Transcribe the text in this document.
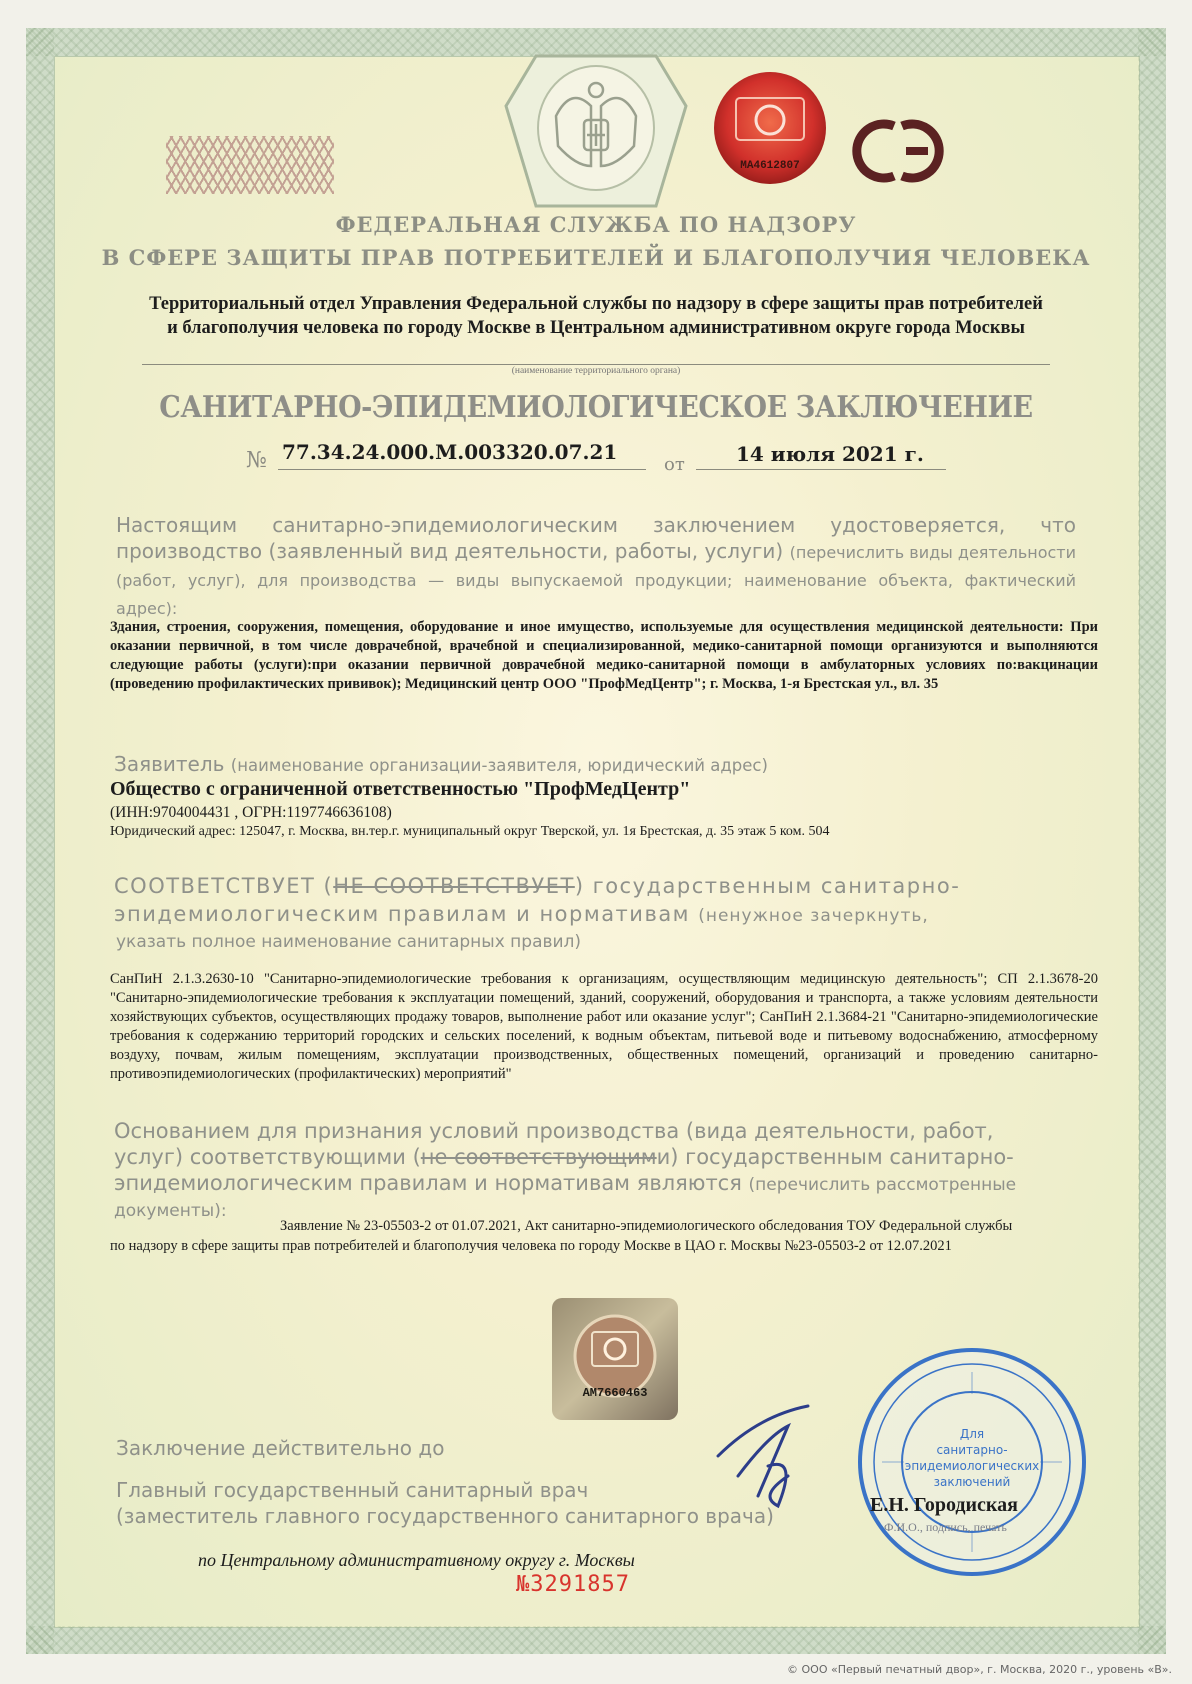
MA4612807
ФЕДЕРАЛЬНАЯ СЛУЖБА ПО НАДЗОРУ
В СФЕРЕ ЗАЩИТЫ ПРАВ ПОТРЕБИТЕЛЕЙ И БЛАГОПОЛУЧИЯ ЧЕЛОВЕКА
Территориальный отдел Управления Федеральной службы по надзору в сфере защиты прав потребителей
и благополучия человека по городу Москве в Центральном административном округе города Москвы
(наименование территориального органа)
САНИТАРНО-ЭПИДЕМИОЛОГИЧЕСКОЕ ЗАКЛЮЧЕНИЕ
№ 77.34.24.000.М.003320.07.21
от	14 июля 2021 г.
Настоящим санитарно-эпидемиологическим заключением удостоверяется, что производство (заявленный вид деятельности, работы, услуги) (перечислить виды деятельности (работ, услуг), для производства — виды выпускаемой продукции; наименование объекта, фактический адрес):
Здания, строения, сооружения, помещения, оборудование и иное имущество, используемые для осуществления медицинской деятельности: При оказании первичной, в том числе доврачебной, врачебной и специализированной, медико-санитарной помощи организуются и выполняются следующие работы (услуги):при оказании первичной доврачебной медико-санитарной помощи в амбулаторных условиях по:вакцинации (проведению профилактических прививок); Медицинский центр ООО "ПрофМедЦентр"; г. Москва, 1-я Брестская ул., вл. 35
Заявитель (наименование организации-заявителя, юридический адрес)
Общество с ограниченной ответственностью "ПрофМедЦентр"
(ИНН:9704004431 , ОГРН:1197746636108)
Юридический адрес: 125047, г. Москва, вн.тер.г. муниципальный округ Тверской, ул. 1я Брестская, д. 35 этаж 5 ком. 504
СООТВЕТСТВУЕТ (НЕ СООТВЕТСТВУЕТ) государственным санитарно-
эпидемиологическим правилам и нормативам (ненужное зачеркнуть,
указать полное наименование санитарных правил)
СанПиН 2.1.3.2630-10 "Санитарно-эпидемиологические требования к организациям, осуществляющим медицинскую деятельность"; СП 2.1.3678-20 "Санитарно-эпидемиологические требования к эксплуатации помещений, зданий, сооружений, оборудования и транспорта, а также условиям деятельности хозяйствующих субъектов, осуществляющих продажу товаров, выполнение работ или оказание услуг"; СанПиН 2.1.3684-21 "Санитарно-эпидемиологические требования к содержанию территорий городских и сельских поселений, к водным объектам, питьевой воде и питьевому водоснабжению, атмосферному воздуху, почвам, жилым помещениям, эксплуатации производственных, общественных помещений, организаций и проведению санитарно-противоэпидемиологических (профилактических) мероприятий"
Основанием для признания условий производства (вида деятельности, работ,
услуг) соответствующими (не соответствующими) государственным санитарно-
эпидемиологическим правилам и нормативам являются (перечислить рассмотренные
документы):
Заявление № 23-05503-2 от 01.07.2021, Акт санитарно-эпидемиологического обследования ТОУ Федеральной службы
по надзору в сфере защиты прав потребителей и благополучия человека по городу Москве в ЦАО г. Москвы №23-05503-2 от 12.07.2021
AM7660463
Заключение действительно до
Главный государственный санитарный врач
(заместитель главного государственного санитарного врача)
по Центральному административному округу г. Москвы
№3291857
Для
санитарно-
эпидемиологических
заключений
Е.Н. Городиская
Ф.И.О., подпись, печать
© ООО «Первый печатный двор», г. Москва, 2020 г., уровень «В».
